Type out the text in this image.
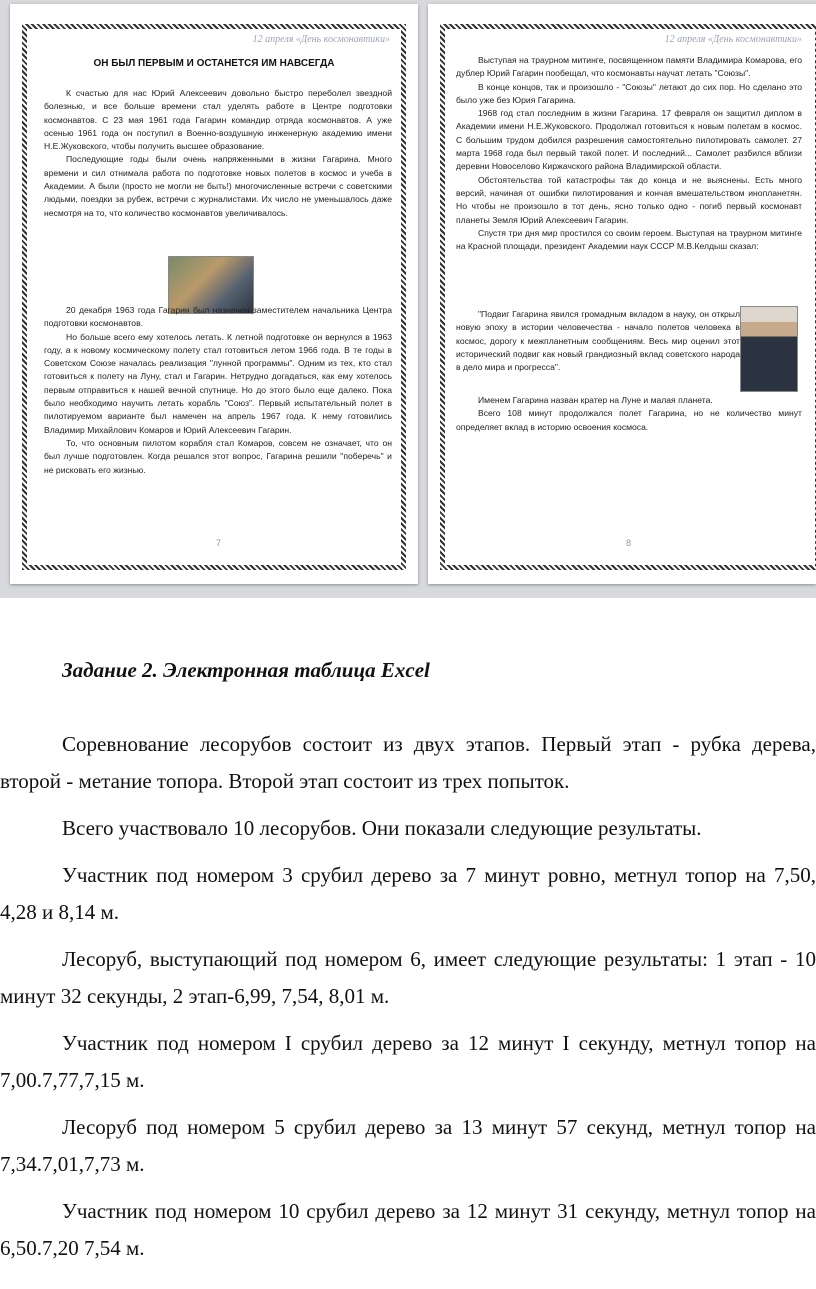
12 апреля «День космонавтики»
ОН БЫЛ ПЕРВЫМ И ОСТАНЕТСЯ ИМ НАВСЕГДА

К счастью для нас Юрий Алексеевич довольно быстро переболел звездной болезнью, и все больше времени стал уделять работе в Центре подготовки космонавтов. С 23 мая 1961 года Гагарин командир отряда космонавтов. А уже осенью 1961 года он поступил в Военно-воздушную инженерную академию имени Н.Е.Жуковского, чтобы получить высшее образование.

Последующие годы были очень напряженными в жизни Гагарина. Много времени и сил отнимала работа по подготовке новых полетов в космос и учеба в Академии. А были (просто не могли не быть!) многочисленные встречи с советскими людьми, поездки за рубеж, встречи с журналистами. Их число не уменьшалось даже несмотря на то, что количество космонавтов увеличивалось.

20 декабря 1963 года Гагарин был назначен заместителем начальника Центра подготовки космонавтов.

Но больше всего ему хотелось летать. К летной подготовке он вернулся в 1963 году, а к новому космическому полету стал готовиться летом 1966 года. В те годы в Советском Союзе началась реализация "лунной программы". Одним из тех, кто стал готовиться к полету на Луну, стал и Гагарин. Нетрудно догадаться, как ему хотелось первым отправиться к нашей вечной спутнице. Но до этого было еще далеко. Пока было необходимо научить летать корабль "Союз". Первый испытательный полет в пилотируемом варианте был намечен на апрель 1967 года. К нему готовились Владимир Михайлович Комаров и Юрий Алексеевич Гагарин.

То, что основным пилотом корабля стал Комаров, совсем не означает, что он был лучше подготовлен. Когда решался этот вопрос, Гагарина решили "поберечь" и не рисковать его жизнью.

7
12 апреля «День космонавтики»

Выступая на траурном митинге, посвященном памяти Владимира Комарова, его дублер Юрий Гагарин пообещал, что космонавты научат летать "Союзы".

В конце концов, так и произошло - "Союзы" летают до сих пор. Но сделано это было уже без Юрия Гагарина.

1968 год стал последним в жизни Гагарина. 17 февраля он защитил диплом в Академии имени Н.Е.Жуковского. Продолжал готовиться к новым полетам в космос. С большим трудом добился разрешения самостоятельно пилотировать самолет. 27 марта 1968 года был первый такой полет. И последний... Самолет разбился вблизи деревни Новоселово Киржачского района Владимирской области.

Обстоятельства той катастрофы так до конца и не выяснены. Есть много версий, начиная от ошибки пилотирования и кончая вмешательством инопланетян. Но чтобы не произошло в тот день, ясно только одно - погиб первый космонавт планеты Земля Юрий Алексеевич Гагарин.

Спустя три дня мир простился со своим героем. Выступая на траурном митинге на Красной площади, президент Академии наук СССР М.В.Келдыш сказал:

"Подвиг Гагарина явился громадным вкладом в науку, он открыл новую эпоху в истории человечества - начало полетов человека в космос, дорогу к межпланетным сообщениям. Весь мир оценил этот исторический подвиг как новый грандиозный вклад советского народа в дело мира и прогресса".

Именем Гагарина назван кратер на Луне и малая планета.

Всего 108 минут продолжался полет Гагарина, но не количество минут определяет вклад в историю освоения космоса.

8
Задание 2. Электронная таблица Excel

Соревнование лесорубов состоит из двух этапов. Первый этап - рубка дерева, второй - метание топора. Второй этап состоит из трех попыток.

Всего участвовало 10 лесорубов. Они показали следующие результаты.

Участник под номером 3 срубил дерево за 7 минут ровно, метнул топор на 7,50, 4,28 и 8,14 м.

Лесоруб, выступающий под номером 6, имеет следующие результаты: 1 этап - 10 минут 32 секунды, 2 этап-6,99, 7,54, 8,01 м.

Участник под номером I срубил дерево за 12 минут I секунду, метнул топор на 7,00.7,77,7,15 м.

Лесоруб под номером 5 срубил дерево за 13 минут 57 секунд, метнул топор на 7,34.7,01,7,73 м.

Участник под номером 10 срубил дерево за 12 минут 31 секунду, метнул топор на 6,50.7,20 7,54 м.
